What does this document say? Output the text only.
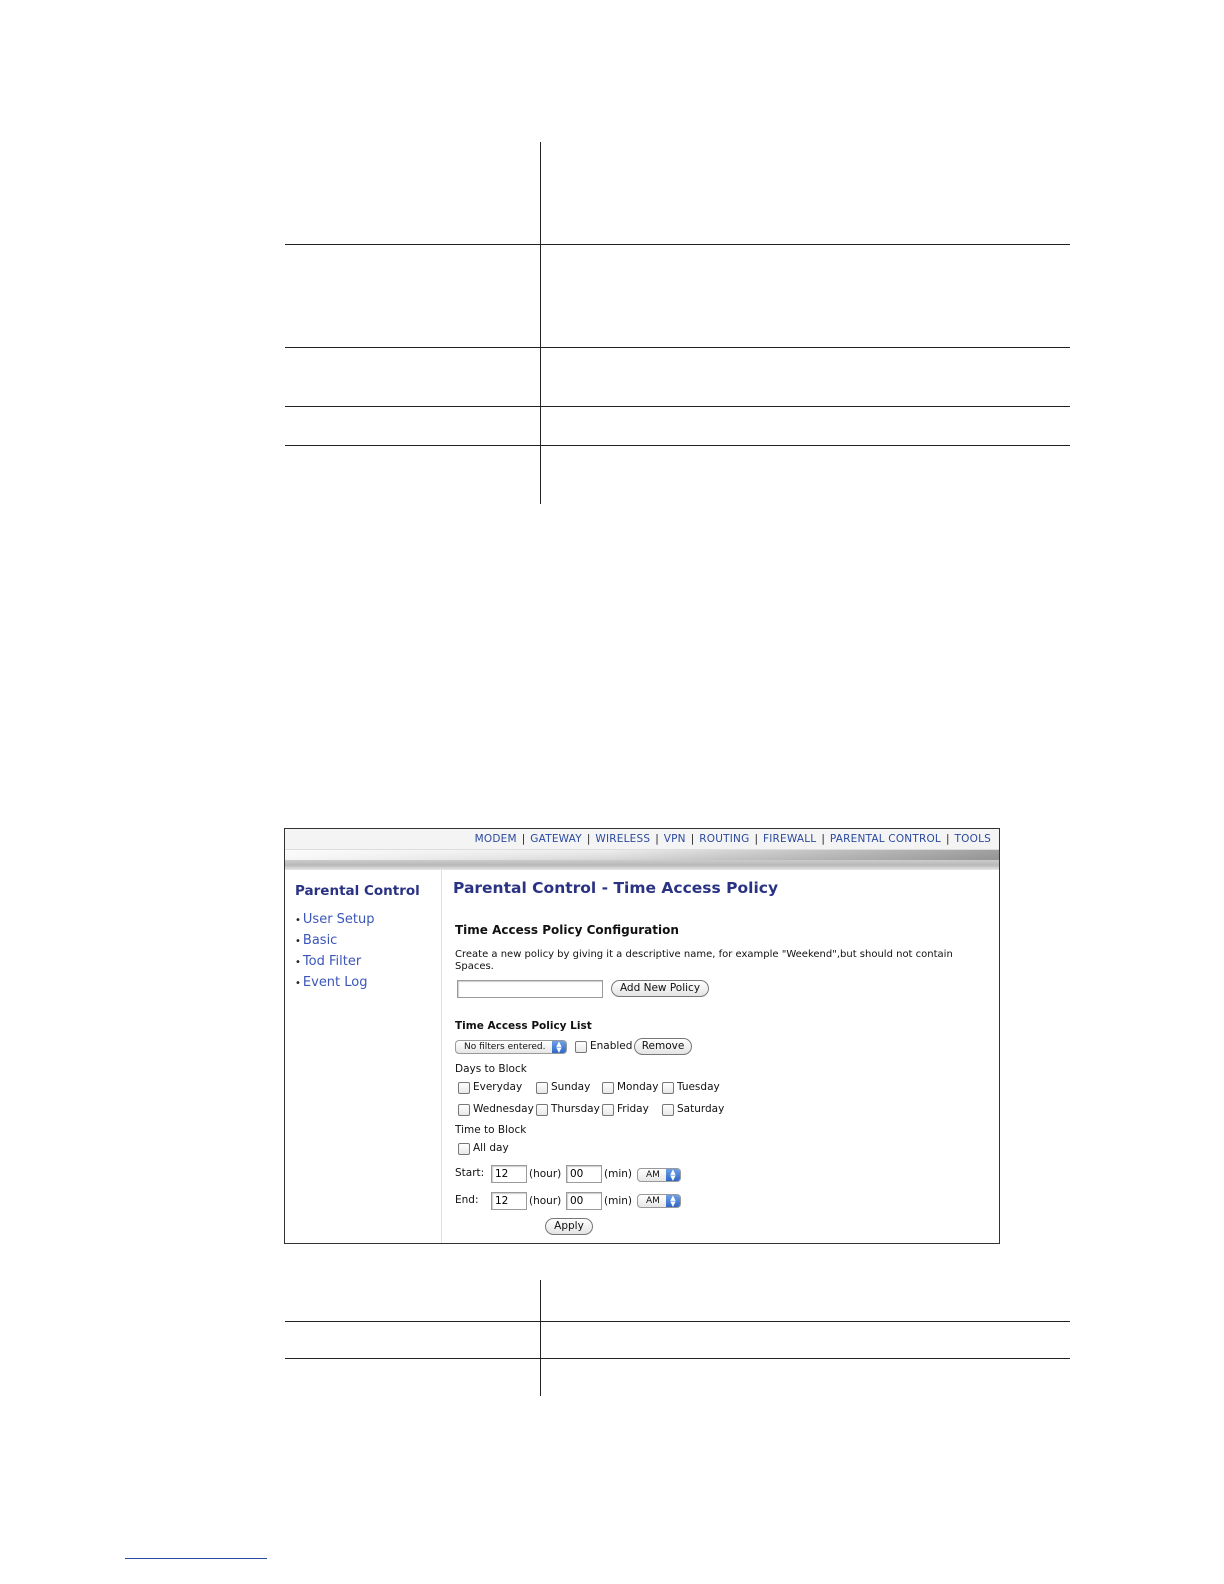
MODEM | GATEWAY | WIRELESS | VPN | ROUTING | FIREWALL | PARENTAL CONTROL | TOOLS
Parental Control
• User Setup
• Basic
• Tod Filter
• Event Log
Parental Control - Time Access Policy
Time Access Policy Configuration
Create a new policy by giving it a descriptive name, for example "Weekend",but should not contain Spaces.
Add New Policy
Time Access Policy List
No filters entered.	▲
▼	Enabled Remove
Days to Block
Everyday	Sunday	Monday Tuesday
Wednesday Thursday Friday	Saturday
Time to Block
All day
Start:
12	(hour)
00	(min)	AM	▲
▼
End:
12	(hour)
00	(min)	AM	▲
▼
Apply
